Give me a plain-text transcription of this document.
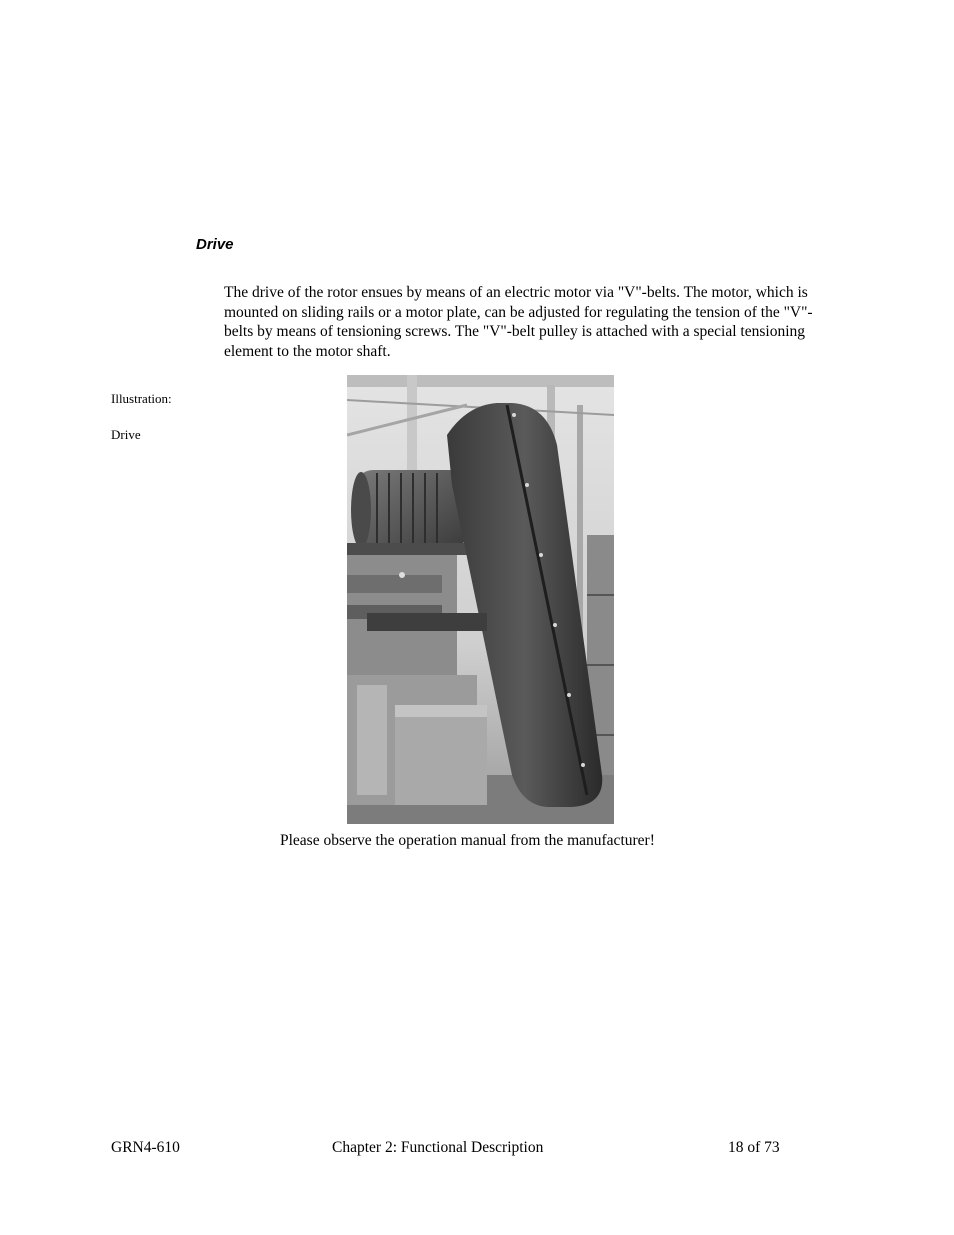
Drive
The drive of the rotor ensues by means of an electric motor via "V"-belts. The motor, which is mounted on sliding rails or a motor plate, can be adjusted for regulating the tension of the "V"-belts by means of tensioning screws. The "V"-belt pulley is attached with a special tensioning element to the motor shaft.
Illustration:
Drive
Please observe the operation manual from the manufacturer!
GRN4-610	Chapter 2: Functional Description	18 of 73
